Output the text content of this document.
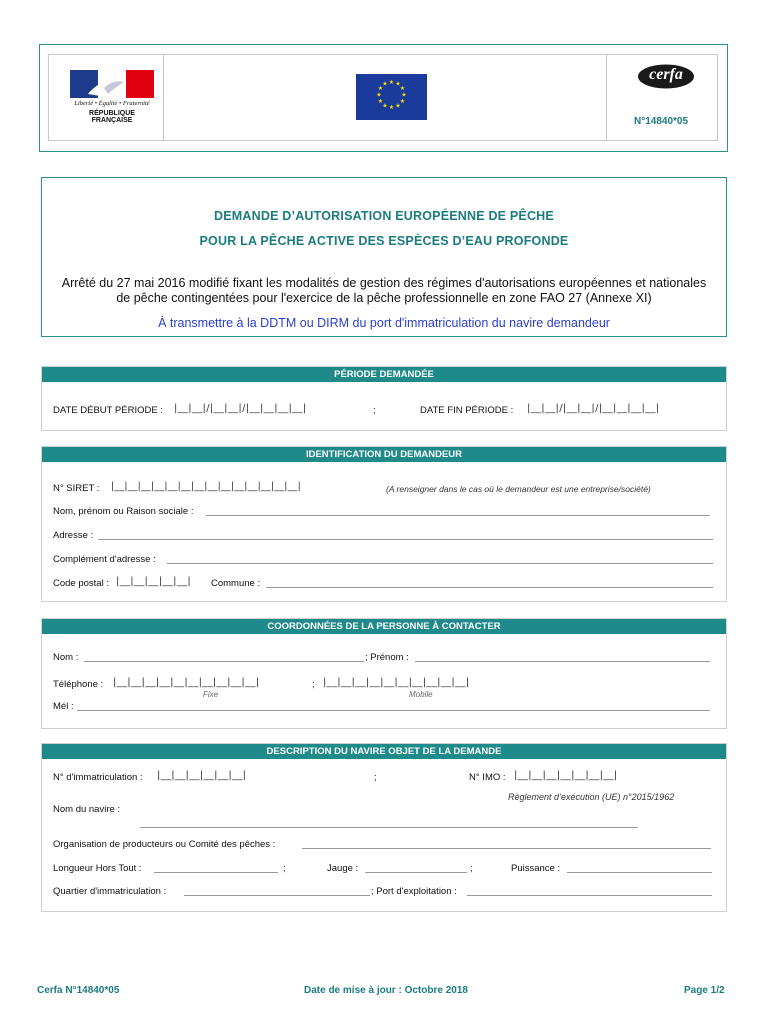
Liberté • Égalité • Fraternité
RÉPUBLIQUE FRANÇAISE
★ ★
★
★
★
★
★
★
★
★
★
★
cerfa
N°14840*05
DEMANDE D’AUTORISATION EUROPÉENNE DE PÊCHE
POUR LA PÊCHE ACTIVE DES ESPÈCES D’EAU PROFONDE
Arrêté du 27 mai 2016 modifié fixant les modalités de gestion des régimes d'autorisations européennes et nationales
de pêche contingentées pour l'exercice de la pêche professionnelle en zone FAO 27 (Annexe XI)
À transmettre à la DDTM ou DIRM du port d'immatriculation du navire demandeur
PÉRIODE DEMANDÉE
DATE DÉBUT PÉRIODE : |__|__|/|__|__|/|__|__|__|__|	;	DATE FIN PÉRIODE : |__|__|/|__|__|/|__|__|__|__|
IDENTIFICATION DU DEMANDEUR
N° SIRET : |__|__|__|__|__|__|__|__|__|__|__|__|__|__|	(A renseigner dans le cas où le demandeur est une entreprise/société)
Nom, prénom ou Raison sociale :
Adresse :
Complément d'adresse :
Code postal : |__|__|__|__|__| Commune :
COORDONNÉES DE LA PERSONNE À CONTACTER
Nom :	; Prénom :
Téléphone : |__|__|__|__|__|__|__|__|__|__|	; |__|__|__|__|__|__|__|__|__|__|
Fixe	Mobile
Mél :
DESCRIPTION DU NAVIRE OBJET DE LA DEMANDE
N° d'immatriculation : |__|__|__|__|__|__|	;	N° IMO : |__|__|__|__|__|__|__|
Règlement d’exécution (UE) n°2015/1962
Nom du navire :
Organisation de producteurs ou Comité des pêches :
Longueur Hors Tout :	;	Jauge :	;	Puissance :
Quartier d'immatriculation :	; Port d'exploitation :
Cerfa N°14840*05	Date de mise à jour : Octobre 2018	Page 1/2
